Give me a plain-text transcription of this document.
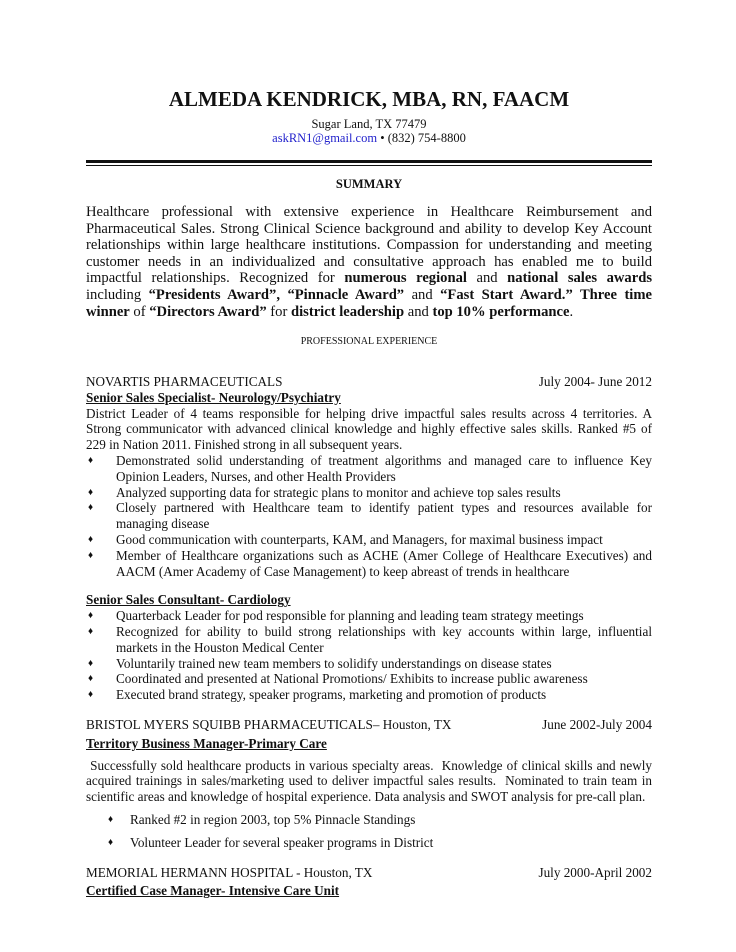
ALMEDA KENDRICK, MBA, RN, FAACM
Sugar Land, TX 77479
askRN1@gmail.com • (832) 754-8800
SUMMARY
Healthcare professional with extensive experience in Healthcare Reimbursement and Pharmaceutical Sales. Strong Clinical Science background and ability to develop Key Account relationships within large healthcare institutions. Compassion for understanding and meeting customer needs in an individualized and consultative approach has enabled me to build impactful relationships. Recognized for numerous regional and national sales awards including “Presidents Award”, “Pinnacle Award” and “Fast Start Award.” Three time winner of “Directors Award” for district leadership and top 10% performance.
PROFESSIONAL EXPERIENCE
NOVARTIS PHARMACEUTICALS	July 2004- June 2012
Senior Sales Specialist- Neurology/Psychiatry
District Leader of 4 teams responsible for helping drive impactful sales results across 4 territories. A Strong communicator with advanced clinical knowledge and highly effective sales skills. Ranked #5 of 229 in Nation 2011. Finished strong in all subsequent years.
♦ Demonstrated solid understanding of treatment algorithms and managed care to influence Key Opinion Leaders, Nurses, and other Health Providers
♦ Analyzed supporting data for strategic plans to monitor and achieve top sales results
♦ Closely partnered with Healthcare team to identify patient types and resources available for managing disease
♦ Good communication with counterparts, KAM, and Managers, for maximal business impact
♦ Member of Healthcare organizations such as ACHE (Amer College of Healthcare Executives) and AACM (Amer Academy of Case Management) to keep abreast of trends in healthcare
Senior Sales Consultant- Cardiology
♦ Quarterback Leader for pod responsible for planning and leading team strategy meetings
♦ Recognized for ability to build strong relationships with key accounts within large, influential markets in the Houston Medical Center
♦ Voluntarily trained new team members to solidify understandings on disease states
♦ Coordinated and presented at National Promotions/ Exhibits to increase public awareness
♦ Executed brand strategy, speaker programs, marketing and promotion of products
BRISTOL MYERS SQUIBB PHARMACEUTICALS– Houston, TX	June 2002-July 2004
Territory Business Manager-Primary Care
Successfully sold healthcare products in various specialty areas.  Knowledge of clinical skills and newly acquired trainings in sales/marketing used to deliver impactful sales results.  Nominated to train team in scientific areas and knowledge of hospital experience. Data analysis and SWOT analysis for pre-call plan.
♦ Ranked #2 in region 2003, top 5% Pinnacle Standings
♦ Volunteer Leader for several speaker programs in District
MEMORIAL HERMANN HOSPITAL - Houston, TX	July 2000-April 2002
Certified Case Manager- Intensive Care Unit
